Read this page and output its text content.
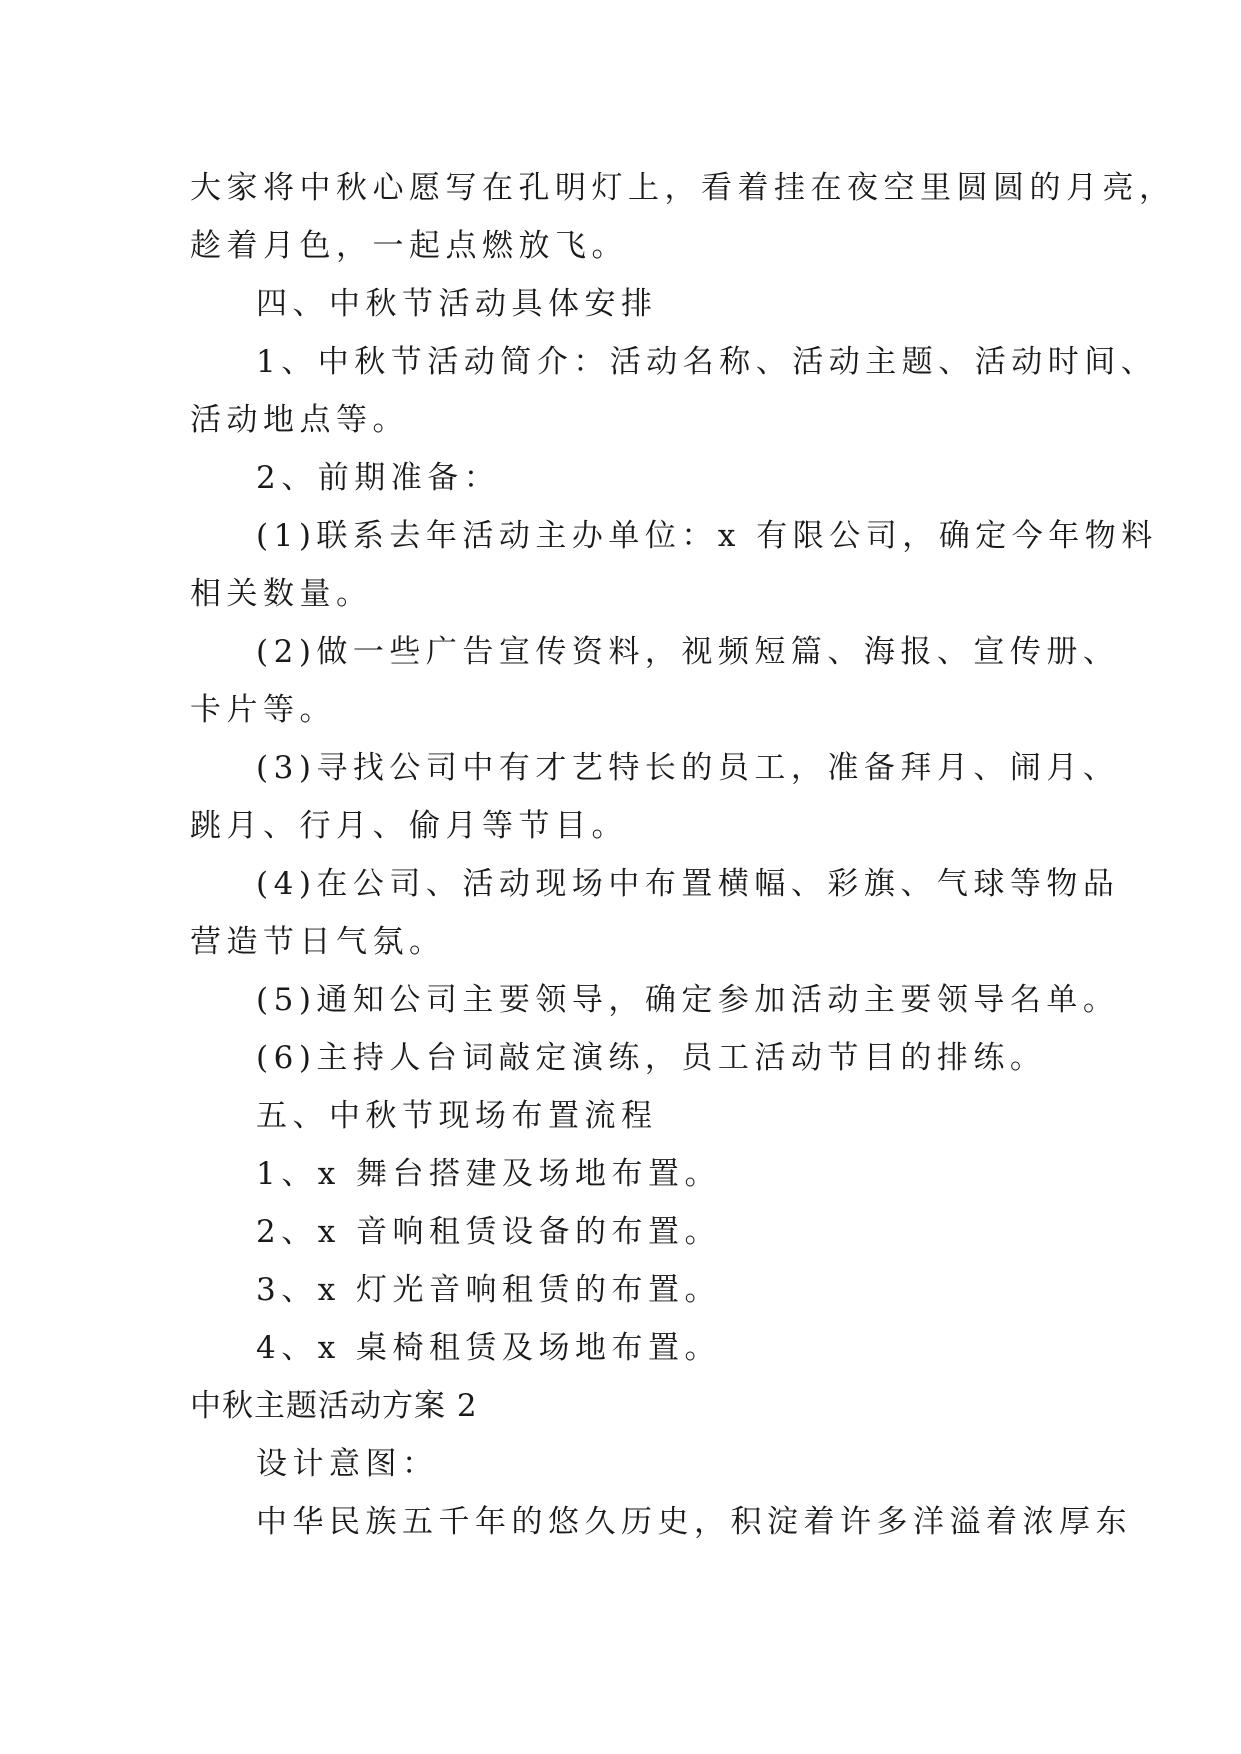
大家将中秋心愿写在孔明灯上，看着挂在夜空里圆圆的月亮，
趁着月色，一起点燃放飞。
四、中秋节活动具体安排
1、中秋节活动简介：活动名称、活动主题、活动时间、
活动地点等。
2、前期准备：
(1)联系去年活动主办单位：x 有限公司，确定今年物料
相关数量。
(2)做一些广告宣传资料，视频短篇、海报、宣传册、
卡片等。
(3)寻找公司中有才艺特长的员工，准备拜月、闹月、
跳月、行月、偷月等节目。
(4)在公司、活动现场中布置横幅、彩旗、气球等物品
营造节日气氛。
(5)通知公司主要领导，确定参加活动主要领导名单。
(6)主持人台词敲定演练，员工活动节目的排练。
五、中秋节现场布置流程
1、x 舞台搭建及场地布置。
2、x 音响租赁设备的布置。
3、x 灯光音响租赁的布置。
4、x 桌椅租赁及场地布置。
中秋主题活动方案 2
设计意图：
中华民族五千年的悠久历史，积淀着许多洋溢着浓厚东
